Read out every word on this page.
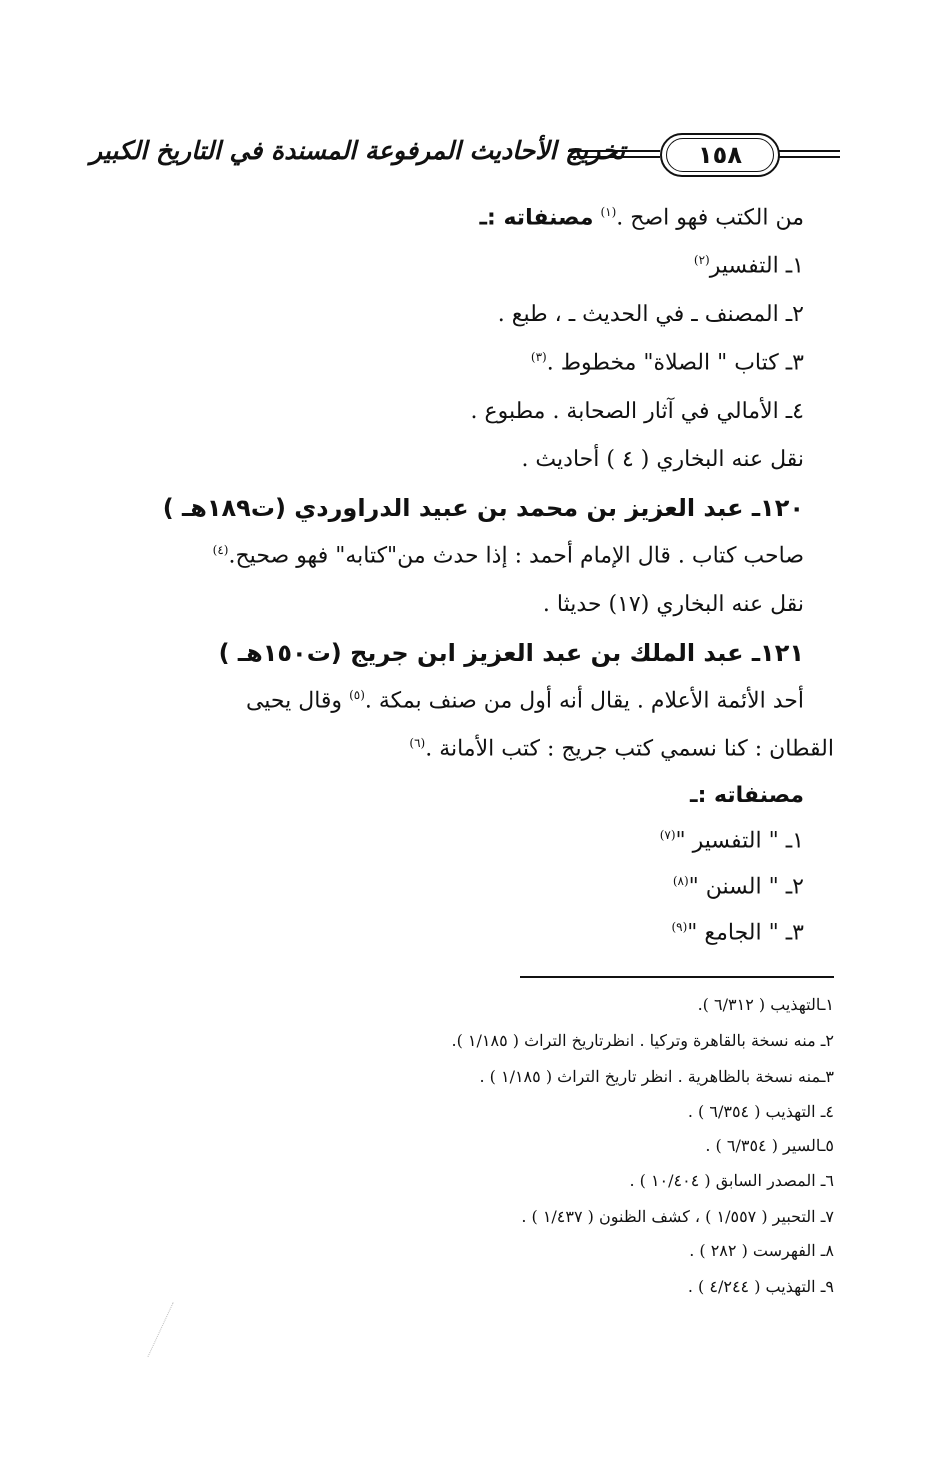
١٥٨
تخريج الأحاديث المرفوعة المسندة في التاريخ الكبير
من الكتب فهو اصح .$^{(١)}$ مصنفاته :ـ
١ـ التفسير$^{(٢)}$
٢ـ المصنف ـ في الحديث ـ ، طبع .
٣ـ كتاب " الصلاة" مخطوط .$^{(٣)}$
٤ـ الأمالي في آثار الصحابة . مطبوع .
نقل عنه البخاري ( ٤ ) أحاديث .
١٢٠ـ عبد العزيز بن محمد بن عبيد الدراوردي (ت١٨٩هـ )
صاحب كتاب . قال الإمام أحمد : إذا حدث من"كتابه" فهو صحيح.$^{(٤)}$
نقل عنه البخاري (١٧) حديثا .
١٢١ـ عبد الملك بن عبد العزيز ابن جريج (ت١٥٠هـ )
أحد الأئمة الأعلام . يقال أنه أول من صنف بمكة .$^{(٥)}$ وقال يحيى
القطان : كنا نسمي كتب جريج : كتب الأمانة .$^{(٦)}$
مصنفاته :ـ
١ـ " التفسير "$^{(٧)}$
٢ـ " السنن "$^{(٨)}$
٣ـ " الجامع "$^{(٩)}$
١ـالتهذيب ( ٦/٣١٢ ).
٢ـ منه نسخة بالقاهرة وتركيا . انظرتاريخ التراث ( ١/١٨٥ ).
٣ـمنه نسخة بالظاهرية . انظر تاريخ التراث ( ١/١٨٥ ) .
٤ـ التهذيب ( ٦/٣٥٤ ) .
٥ـالسير ( ٦/٣٥٤ ) .
٦ـ المصدر السابق ( ١٠/٤٠٤ ) .
٧ـ التحبير ( ١/٥٥٧ ) ، كشف الظنون ( ١/٤٣٧ ) .
٨ـ الفهرست ( ٢٨٢ ) .
٩ـ التهذيب ( ٤/٢٤٤ ) .
